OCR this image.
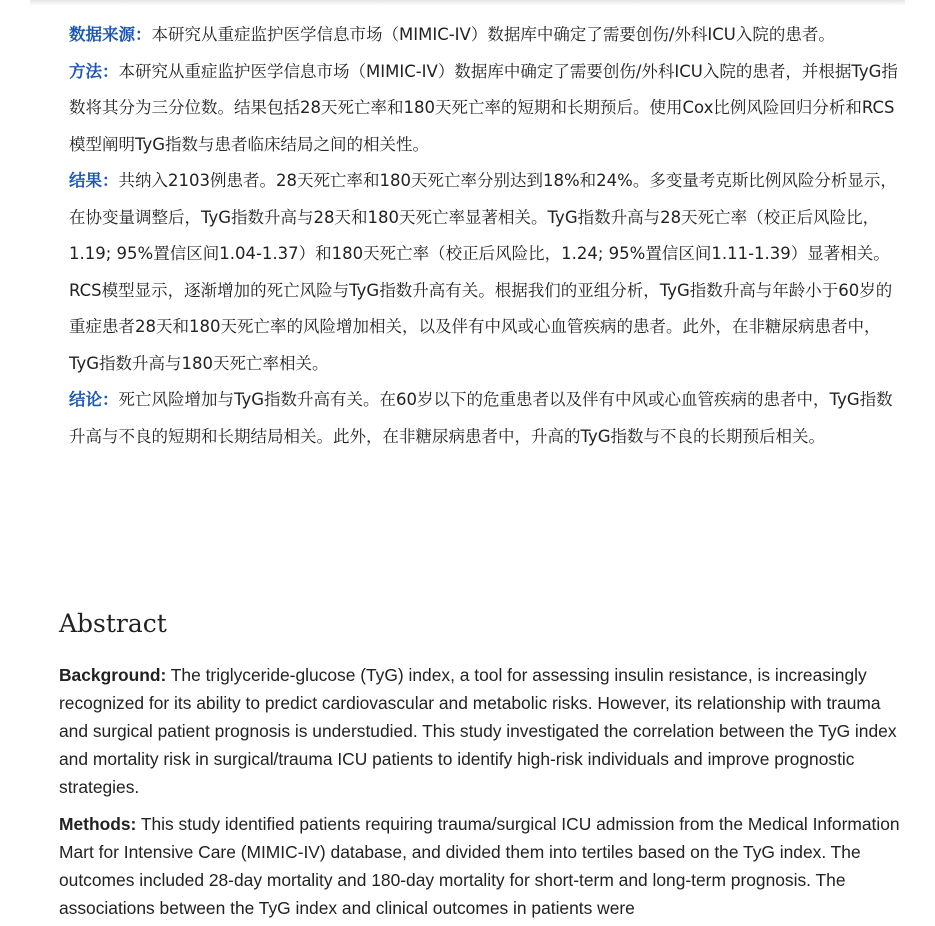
数据来源：本研究从重症监护医学信息市场（MIMIC-IV）数据库中确定了需要创伤/外科ICU入院的患者。

方法：本研究从重症监护医学信息市场（MIMIC-IV）数据库中确定了需要创伤/外科ICU入院的患者，并根据TyG指数将其分为三分位数。结果包括28天死亡率和180天死亡率的短期和长期预后。使用Cox比例风险回归分析和RCS模型阐明TyG指数与患者临床结局之间的相关性。

结果：共纳入2103例患者。28天死亡率和180天死亡率分别达到18%和24%。多变量考克斯比例风险分析显示，在协变量调整后，TyG指数升高与28天和180天死亡率显著相关。TyG指数升高与28天死亡率（校正后风险比，1.19; 95%置信区间1.04-1.37）和180天死亡率（校正后风险比，1.24; 95%置信区间1.11-1.39）显著相关。RCS模型显示，逐渐增加的死亡风险与TyG指数升高有关。根据我们的亚组分析，TyG指数升高与年龄小于60岁的重症患者28天和180天死亡率的风险增加相关，以及伴有中风或心血管疾病的患者。此外，在非糖尿病患者中，TyG指数升高与180天死亡率相关。

结论：死亡风险增加与TyG指数升高有关。在60岁以下的危重患者以及伴有中风或心血管疾病的患者中，TyG指数升高与不良的短期和长期结局相关。此外，在非糖尿病患者中，升高的TyG指数与不良的长期预后相关。

Abstract

Background: The triglyceride-glucose (TyG) index, a tool for assessing insulin resistance, is increasingly recognized for its ability to predict cardiovascular and metabolic risks. However, its relationship with trauma and surgical patient prognosis is understudied. This study investigated the correlation between the TyG index and mortality risk in surgical/trauma ICU patients to identify high-risk individuals and improve prognostic strategies.

Methods: This study identified patients requiring trauma/surgical ICU admission from the Medical Information Mart for Intensive Care (MIMIC-IV) database, and divided them into tertiles based on the TyG index. The outcomes included 28-day mortality and 180-day mortality for short-term and long-term prognosis. The associations between the TyG index and clinical outcomes in patients were
